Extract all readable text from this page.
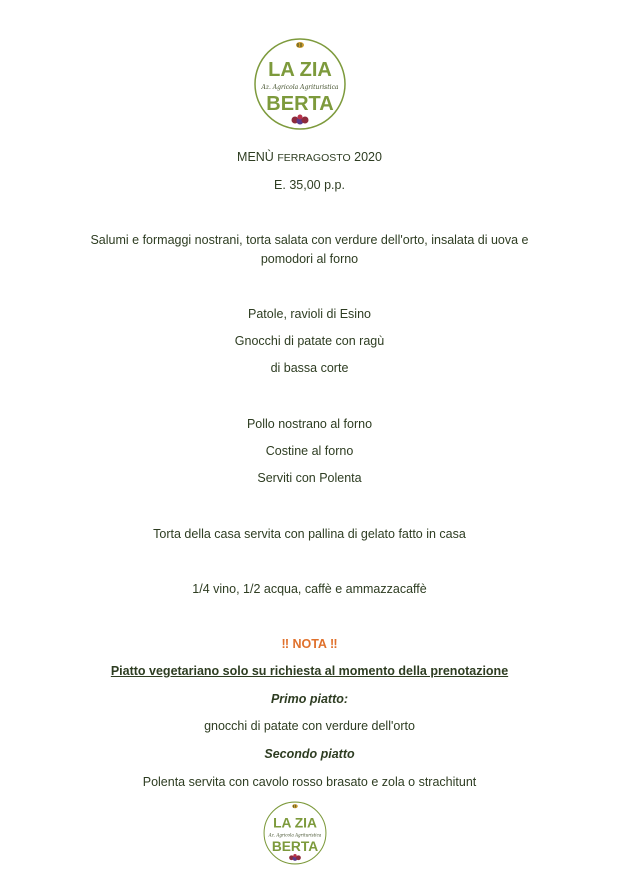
LA ZIA
Az. Agricola Agrituristica
BERTA
MENÙ FERRAGOSTO 2020
E. 35,00 p.p.
Salumi e formaggi nostrani, torta salata con verdure dell'orto, insalata di uova e
pomodori al forno
Patole, ravioli di Esino
Gnocchi di patate con ragù
di bassa corte
Pollo nostrano al forno
Costine al forno
Serviti con Polenta
Torta della casa servita con pallina di gelato fatto in casa
1/4 vino, 1/2 acqua, caffè e ammazzacaffè
‼ NOTA ‼
Piatto vegetariano solo su richiesta al momento della prenotazione
Primo piatto:
gnocchi di patate con verdure dell'orto
Secondo piatto
Polenta servita con cavolo rosso brasato e zola o strachitunt
LA ZIA
Az. Agricola Agrituristica
BERTA
